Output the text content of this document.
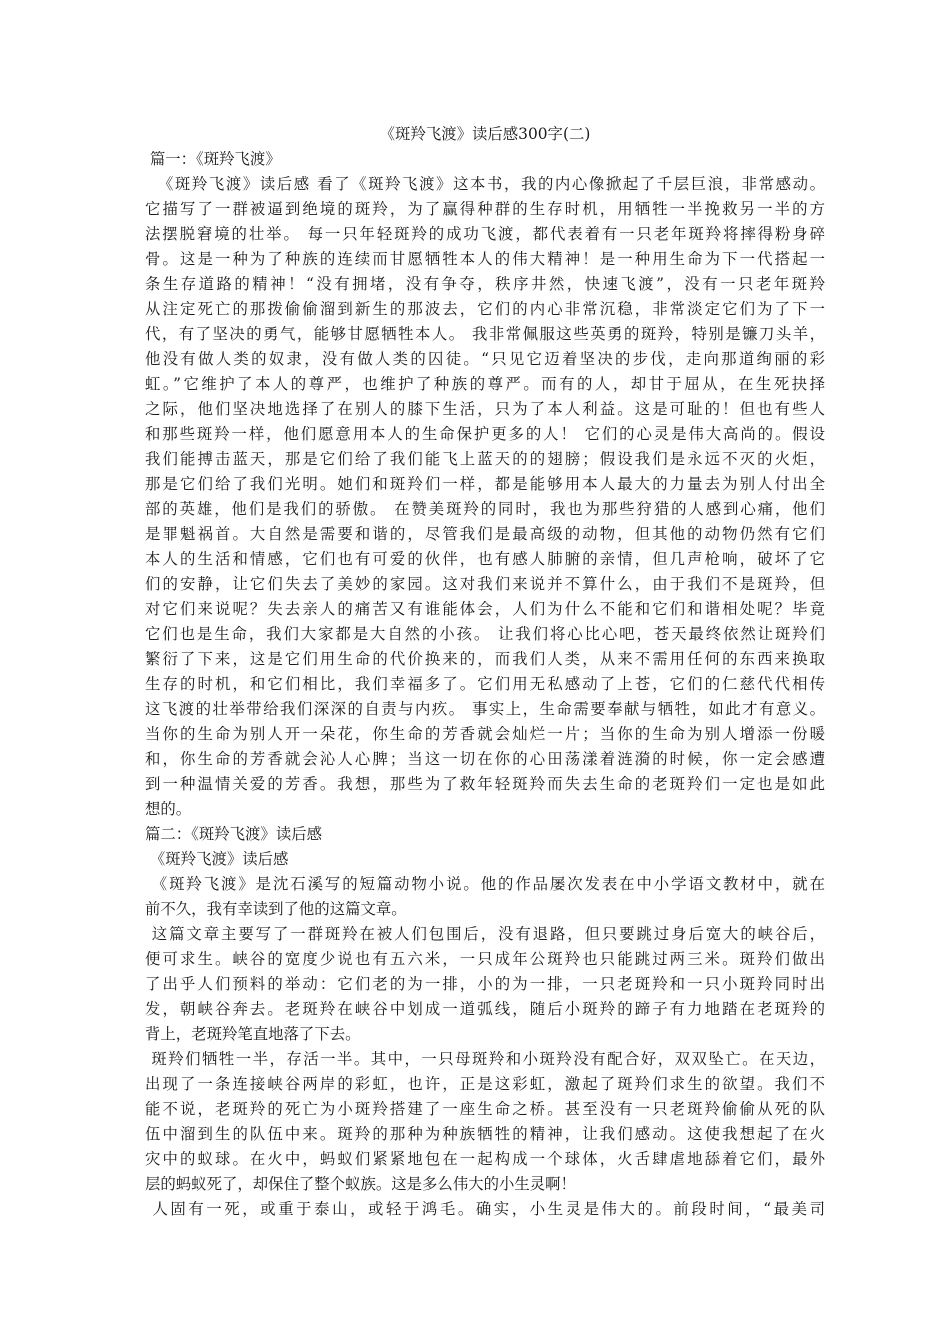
《斑羚飞渡》读后感300字(二)
篇一：《斑羚飞渡》
《斑羚飞渡》读后感 看了《斑羚飞渡》这本书，我的内心像掀起了千层巨浪，非常感动。
它描写了一群被逼到绝境的斑羚，为了赢得种群的生存时机，用牺牲一半挽救另一半的方
法摆脱窘境的壮举。 每一只年轻斑羚的成功飞渡，都代表着有一只老年斑羚将摔得粉身碎
骨。这是一种为了种族的连续而甘愿牺牲本人的伟大精神！是一种用生命为下一代搭起一
条生存道路的精神！“没有拥堵，没有争夺，秩序井然，快速飞渡”，没有一只老年斑羚
从注定死亡的那拨偷偷溜到新生的那波去，它们的内心非常沉稳，非常淡定它们为了下一
代，有了坚决的勇气，能够甘愿牺牲本人。 我非常佩服这些英勇的斑羚，特别是镰刀头羊，
他没有做人类的奴隶，没有做人类的囚徒。“只见它迈着坚决的步伐，走向那道绚丽的彩
虹。”它维护了本人的尊严，也维护了种族的尊严。而有的人，却甘于屈从，在生死抉择
之际，他们坚决地选择了在别人的膝下生活，只为了本人利益。这是可耻的！但也有些人
和那些斑羚一样，他们愿意用本人的生命保护更多的人！ 它们的心灵是伟大高尚的。假设
我们能搏击蓝天，那是它们给了我们能飞上蓝天的的翅膀；假设我们是永远不灭的火炬，
那是它们给了我们光明。她们和斑羚们一样，都是能够用本人最大的力量去为别人付出全
部的英雄，他们是我们的骄傲。 在赞美斑羚的同时，我也为那些狩猎的人感到心痛，他们
是罪魁祸首。大自然是需要和谐的，尽管我们是最高级的动物，但其他的动物仍然有它们
本人的生活和情感，它们也有可爱的伙伴，也有感人肺腑的亲情，但几声枪响，破坏了它
们的安静，让它们失去了美妙的家园。这对我们来说并不算什么，由于我们不是斑羚，但
对它们来说呢？失去亲人的痛苦又有谁能体会，人们为什么不能和它们和谐相处呢？毕竟
它们也是生命，我们大家都是大自然的小孩。 让我们将心比心吧，苍天最终依然让斑羚们
繁衍了下来，这是它们用生命的代价换来的，而我们人类，从来不需用任何的东西来换取
生存的时机，和它们相比，我们幸福多了。它们用无私感动了上苍，它们的仁慈代代相传
这飞渡的壮举带给我们深深的自责与内疚。 事实上，生命需要奉献与牺牲，如此才有意义。
当你的生命为别人开一朵花，你生命的芳香就会灿烂一片；当你的生命为别人增添一份暖
和，你生命的芳香就会沁人心脾；当这一切在你的心田荡漾着涟漪的时候，你一定会感遭
到一种温情关爱的芳香。我想，那些为了救年轻斑羚而失去生命的老斑羚们一定也是如此
想的。
篇二：《斑羚飞渡》读后感
《斑羚飞渡》读后感
《斑羚飞渡》是沈石溪写的短篇动物小说。他的作品屡次发表在中小学语文教材中，就在
前不久，我有幸读到了他的这篇文章。
这篇文章主要写了一群斑羚在被人们包围后，没有退路，但只要跳过身后宽大的峡谷后，
便可求生。峡谷的宽度少说也有五六米，一只成年公斑羚也只能跳过两三米。斑羚们做出
了出乎人们预料的举动：它们老的为一排，小的为一排，一只老斑羚和一只小斑羚同时出
发，朝峡谷奔去。老斑羚在峡谷中划成一道弧线，随后小斑羚的蹄子有力地踏在老斑羚的
背上，老斑羚笔直地落了下去。
斑羚们牺牲一半，存活一半。其中，一只母斑羚和小斑羚没有配合好，双双坠亡。在天边，
出现了一条连接峡谷两岸的彩虹，也许，正是这彩虹，激起了斑羚们求生的欲望。我们不
能不说，老斑羚的死亡为小斑羚搭建了一座生命之桥。甚至没有一只老斑羚偷偷从死的队
伍中溜到生的队伍中来。斑羚的那种为种族牺牲的精神，让我们感动。这使我想起了在火
灾中的蚁球。在火中，蚂蚁们紧紧地包在一起构成一个球体，火舌肆虐地舔着它们，最外
层的蚂蚁死了，却保住了整个蚁族。这是多么伟大的小生灵啊！
人固有一死，或重于泰山，或轻于鸿毛。确实，小生灵是伟大的。前段时间，“最美司
